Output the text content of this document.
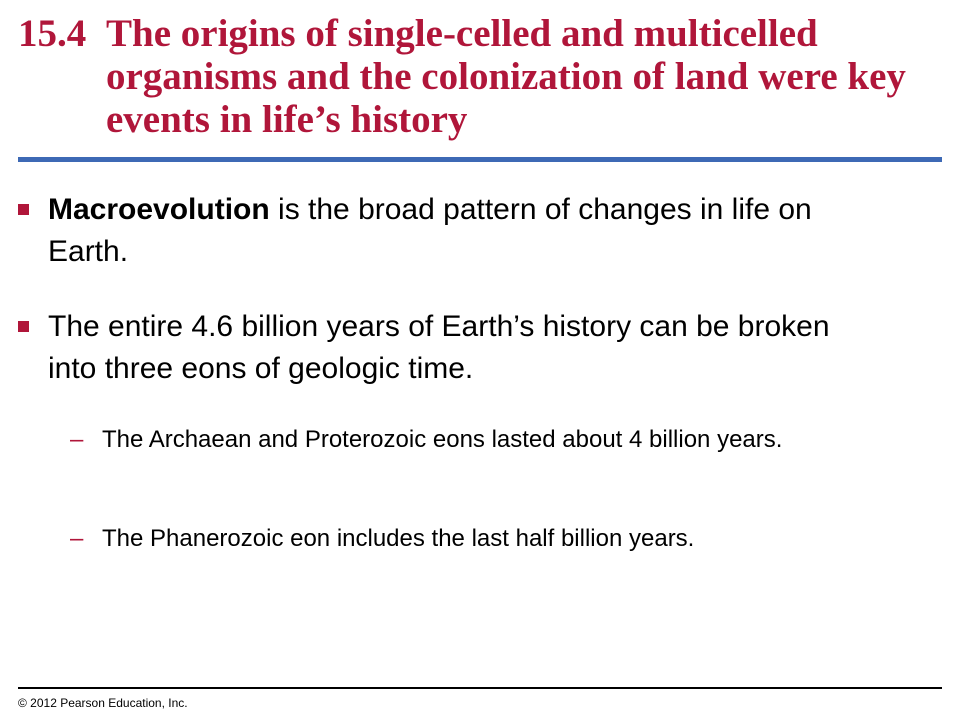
15.4 The origins of single-celled and multicelled organisms and the colonization of land were key events in life’s history
Macroevolution is the broad pattern of changes in life on Earth.
The entire 4.6 billion years of Earth’s history can be broken into three eons of geologic time.
– The Archaean and Proterozoic eons lasted about 4 billion years.
– The Phanerozoic eon includes the last half billion years.
© 2012 Pearson Education, Inc.
